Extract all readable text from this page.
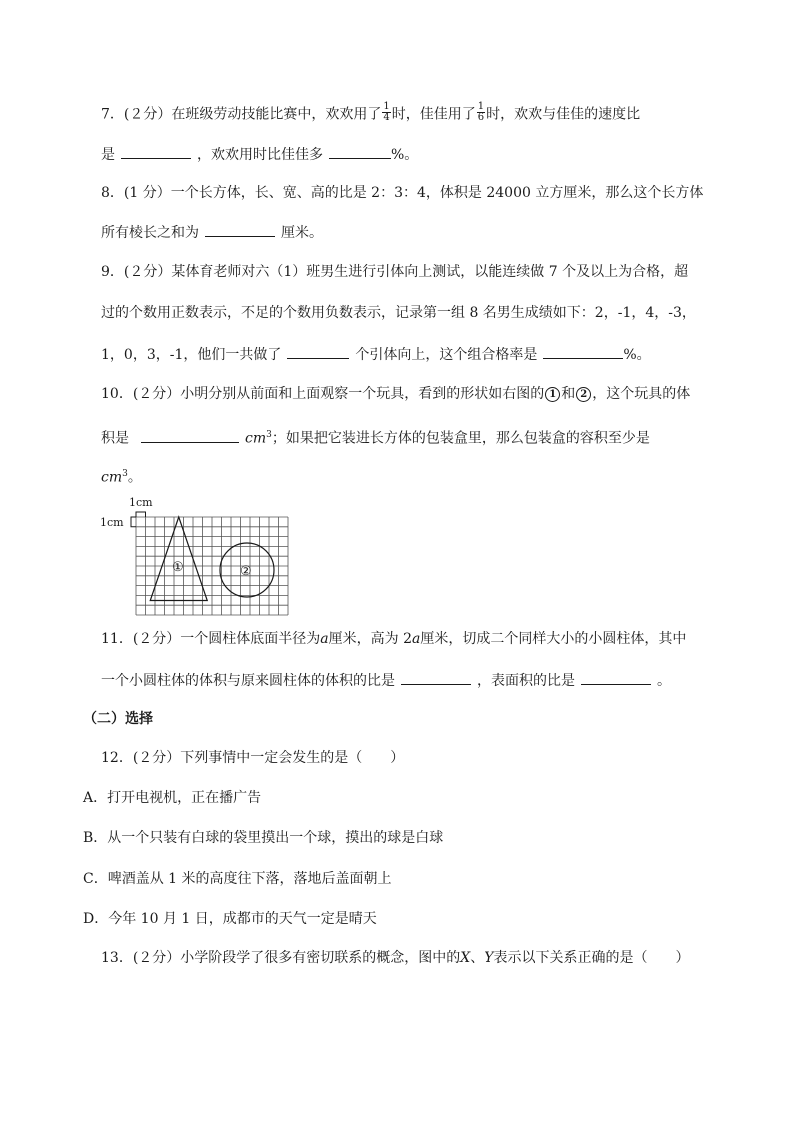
7．(２分）在班级劳动技能比赛中，欢欢用了 $\frac{1}{4}$ 时，佳佳用了 $\frac{1}{6}$ 时，欢欢与佳佳的速度比
是	，欢欢用时比佳佳多	%。
8．(1 分）一个长方体，长、宽、高的比是 2：3：4，体积是 24000 立方厘米，那么这个长方体
所有棱长之和为	厘米。
9．(２分）某体育老师对六（1）班男生进行引体向上测试，以能连续做 7 个及以上为合格，超
过的个数用正数表示，不足的个数用负数表示，记录第一组 8 名男生成绩如下：2，-1，4，-3，
1，0，3，-1，他们一共做了	个引体向上，这个组合格率是	%。
10．(２分）小明分别从前面和上面观察一个玩具，看到的形状如右图的 1 和 2 ，这个玩具的体
积是	$cm^3$；如果把它装进长方体的包装盒里，那么包装盒的容积至少是
$cm^3$。
1cm
1cm
①	②
11．(２分）一个圆柱体底面半径为a厘米，高为 2a厘米，切成二个同样大小的小圆柱体，其中
一个小圆柱体的体积与原来圆柱体的体积的比是	，表面积的比是	。
（二）选择
12．(２分）下列事情中一定会发生的是（　　）
A．打开电视机，正在播广告
B．从一个只装有白球的袋里摸出一个球，摸出的球是白球
C．啤酒盖从 1 米的高度往下落，落地后盖面朝上
D．今年 10 月 1 日，成都市的天气一定是晴天
13．(２分）小学阶段学了很多有密切联系的概念，图中的X、Y表示以下关系正确的是（　　）
